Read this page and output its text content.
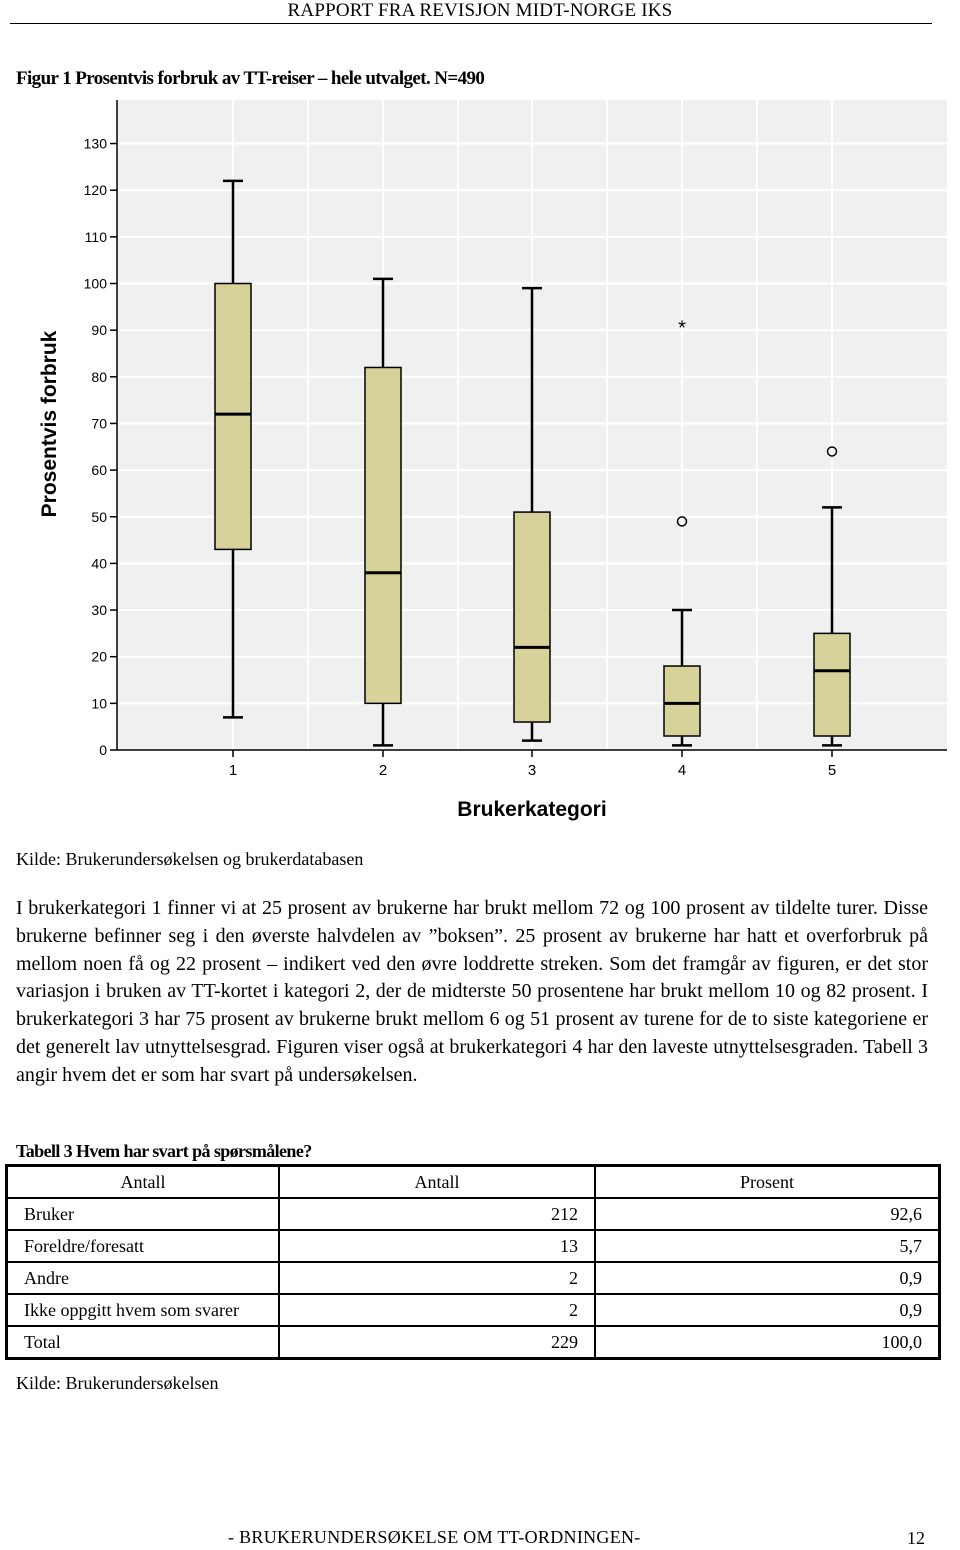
RAPPORT FRA REVISJON MIDT-NORGE IKS
Figur 1 Prosentvis forbruk av TT-reiser – hele utvalget. N=490
0
10
20
30
40
50
60
70
80
90
100
110
120
130
1	2	3	4	5
*
Prosentvis forbruk
Brukerkategori
Kilde: Brukerundersøkelsen og brukerdatabasen
I brukerkategori 1 finner vi at 25 prosent av brukerne har brukt mellom 72 og 100 prosent av tildelte turer. Disse brukerne befinner seg i den øverste halvdelen av ”boksen”. 25 prosent av brukerne har hatt et overforbruk på mellom noen få og 22 prosent – indikert ved den øvre loddrette streken. Som det framgår av figuren, er det stor variasjon i bruken av TT-kortet i kategori 2, der de midterste 50 prosentene har brukt mellom 10 og 82 prosent. I brukerkategori 3 har 75 prosent av brukerne brukt mellom 6 og 51 prosent av turene for de to siste kategoriene er det generelt lav utnyttelsesgrad. Figuren viser også at brukerkategori 4 har den laveste utnyttelsesgraden. Tabell 3 angir hvem det er som har svart på undersøkelsen.
Tabell 3 Hvem har svart på spørsmålene?
Antall	Antall	Prosent
Bruker	212	92,6
Foreldre/foresatt	13	5,7
Andre	2	0,9
Ikke oppgitt hvem som svarer	2	0,9
Total	229	100,0
Kilde: Brukerundersøkelsen
- BRUKERUNDERSØKELSE OM TT-ORDNINGEN-	12
